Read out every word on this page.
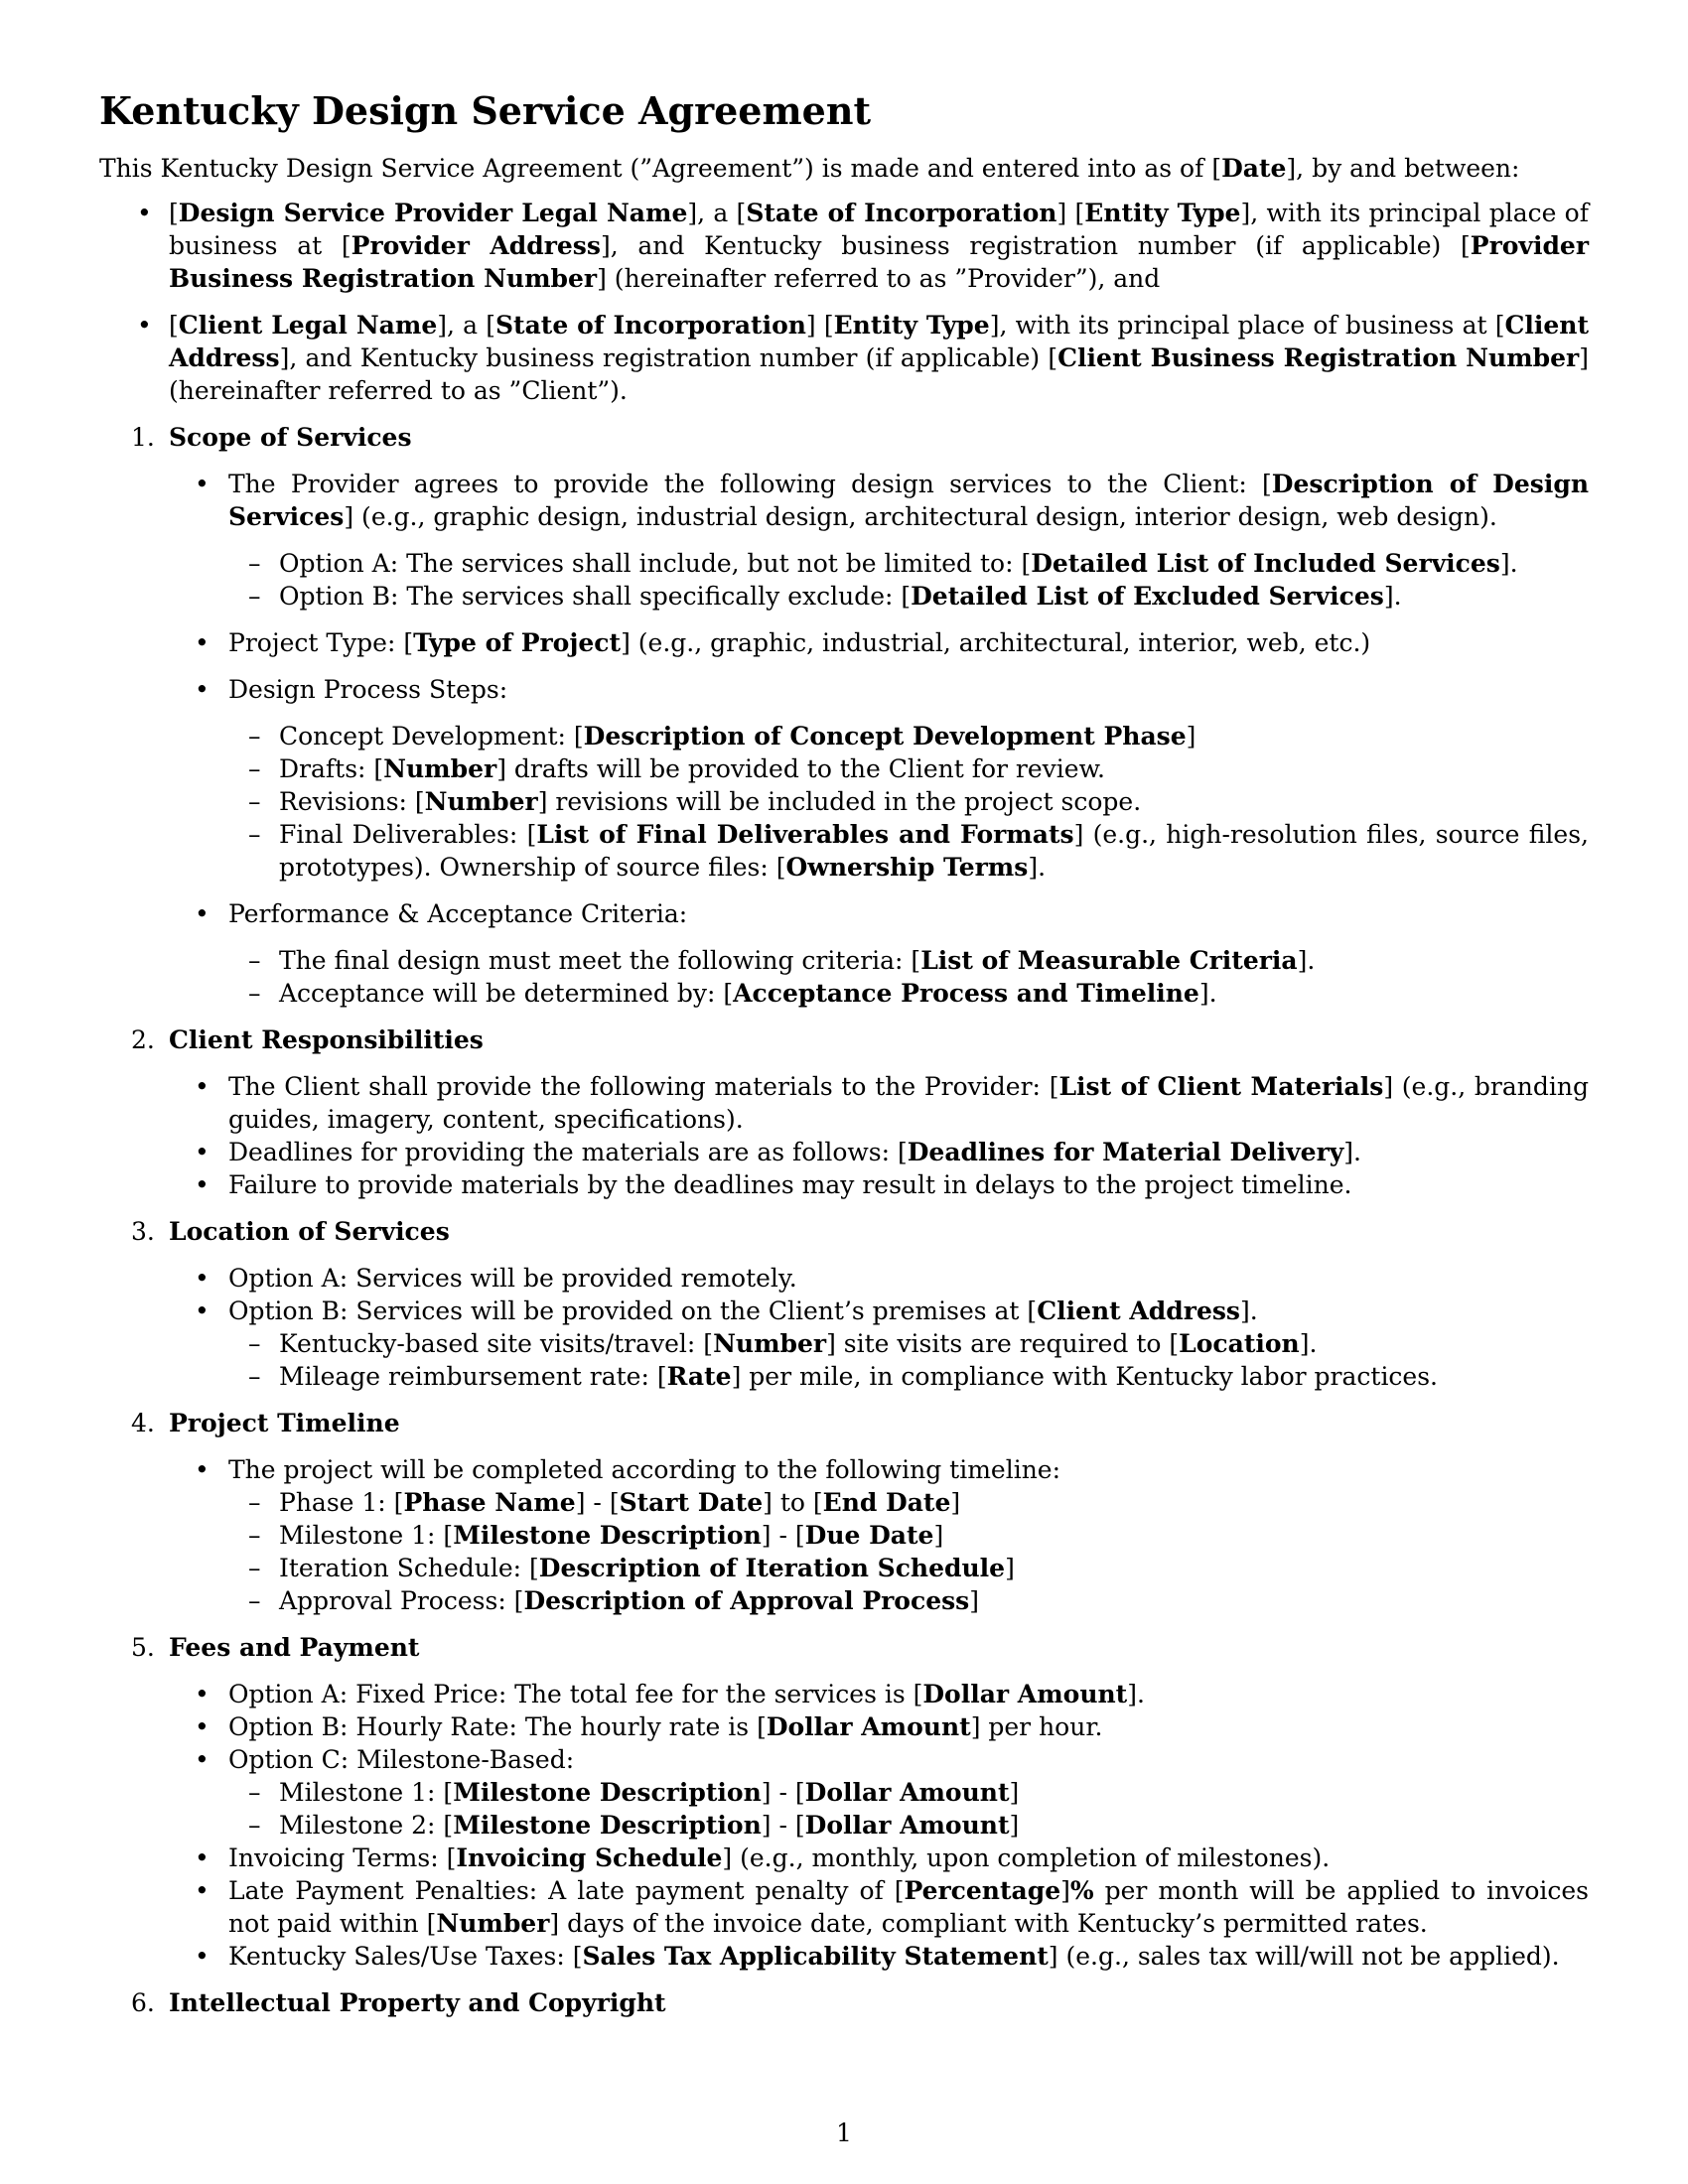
Kentucky Design Service Agreement

This Kentucky Design Service Agreement (”Agreement”) is made and entered into as of [Date], by and between:

• [Design Service Provider Legal Name], a [State of Incorporation] [Entity Type], with its principal place of business at [Provider Address], and Kentucky business registration number (if applicable) [Provider Business Registration Number] (hereinafter referred to as ”Provider”), and
• [Client Legal Name], a [State of Incorporation] [Entity Type], with its principal place of business at [Client Address], and Kentucky business registration number (if applicable) [Client Business Registration Number] (hereinafter referred to as ”Client”).
1. Scope of Services
• The Provider agrees to provide the following design services to the Client: [Description of Design Services] (e.g., graphic design, industrial design, architectural design, interior design, web design).
– Option A: The services shall include, but not be limited to: [Detailed List of Included Services].
– Option B: The services shall specifically exclude: [Detailed List of Excluded Services].
• Project Type: [Type of Project] (e.g., graphic, industrial, architectural, interior, web, etc.)
• Design Process Steps:
– Concept Development: [Description of Concept Development Phase]
– Drafts: [Number] drafts will be provided to the Client for review.
– Revisions: [Number] revisions will be included in the project scope.
– Final Deliverables: [List of Final Deliverables and Formats] (e.g., high-resolution files, source files, prototypes). Ownership of source files: [Ownership Terms].
• Performance & Acceptance Criteria:
– The final design must meet the following criteria: [List of Measurable Criteria].
– Acceptance will be determined by: [Acceptance Process and Timeline].
2. Client Responsibilities
• The Client shall provide the following materials to the Provider: [List of Client Materials] (e.g., branding guides, imagery, content, specifications).
• Deadlines for providing the materials are as follows: [Deadlines for Material Delivery].
• Failure to provide materials by the deadlines may result in delays to the project timeline.
3. Location of Services
• Option A: Services will be provided remotely.
• Option B: Services will be provided on the Client’s premises at [Client Address].
– Kentucky-based site visits/travel: [Number] site visits are required to [Location].
– Mileage reimbursement rate: [Rate] per mile, in compliance with Kentucky labor practices.
4. Project Timeline
• The project will be completed according to the following timeline:
– Phase 1: [Phase Name] - [Start Date] to [End Date]
– Milestone 1: [Milestone Description] - [Due Date]
– Iteration Schedule: [Description of Iteration Schedule]
– Approval Process: [Description of Approval Process]
5. Fees and Payment
• Option A: Fixed Price: The total fee for the services is [Dollar Amount].
• Option B: Hourly Rate: The hourly rate is [Dollar Amount] per hour.
• Option C: Milestone-Based:
– Milestone 1: [Milestone Description] - [Dollar Amount]
– Milestone 2: [Milestone Description] - [Dollar Amount]
• Invoicing Terms: [Invoicing Schedule] (e.g., monthly, upon completion of milestones).
• Late Payment Penalties: A late payment penalty of [Percentage]% per month will be applied to invoices not paid within [Number] days of the invoice date, compliant with Kentucky’s permitted rates.
• Kentucky Sales/Use Taxes: [Sales Tax Applicability Statement] (e.g., sales tax will/will not be applied).
6. Intellectual Property and Copyright
1
